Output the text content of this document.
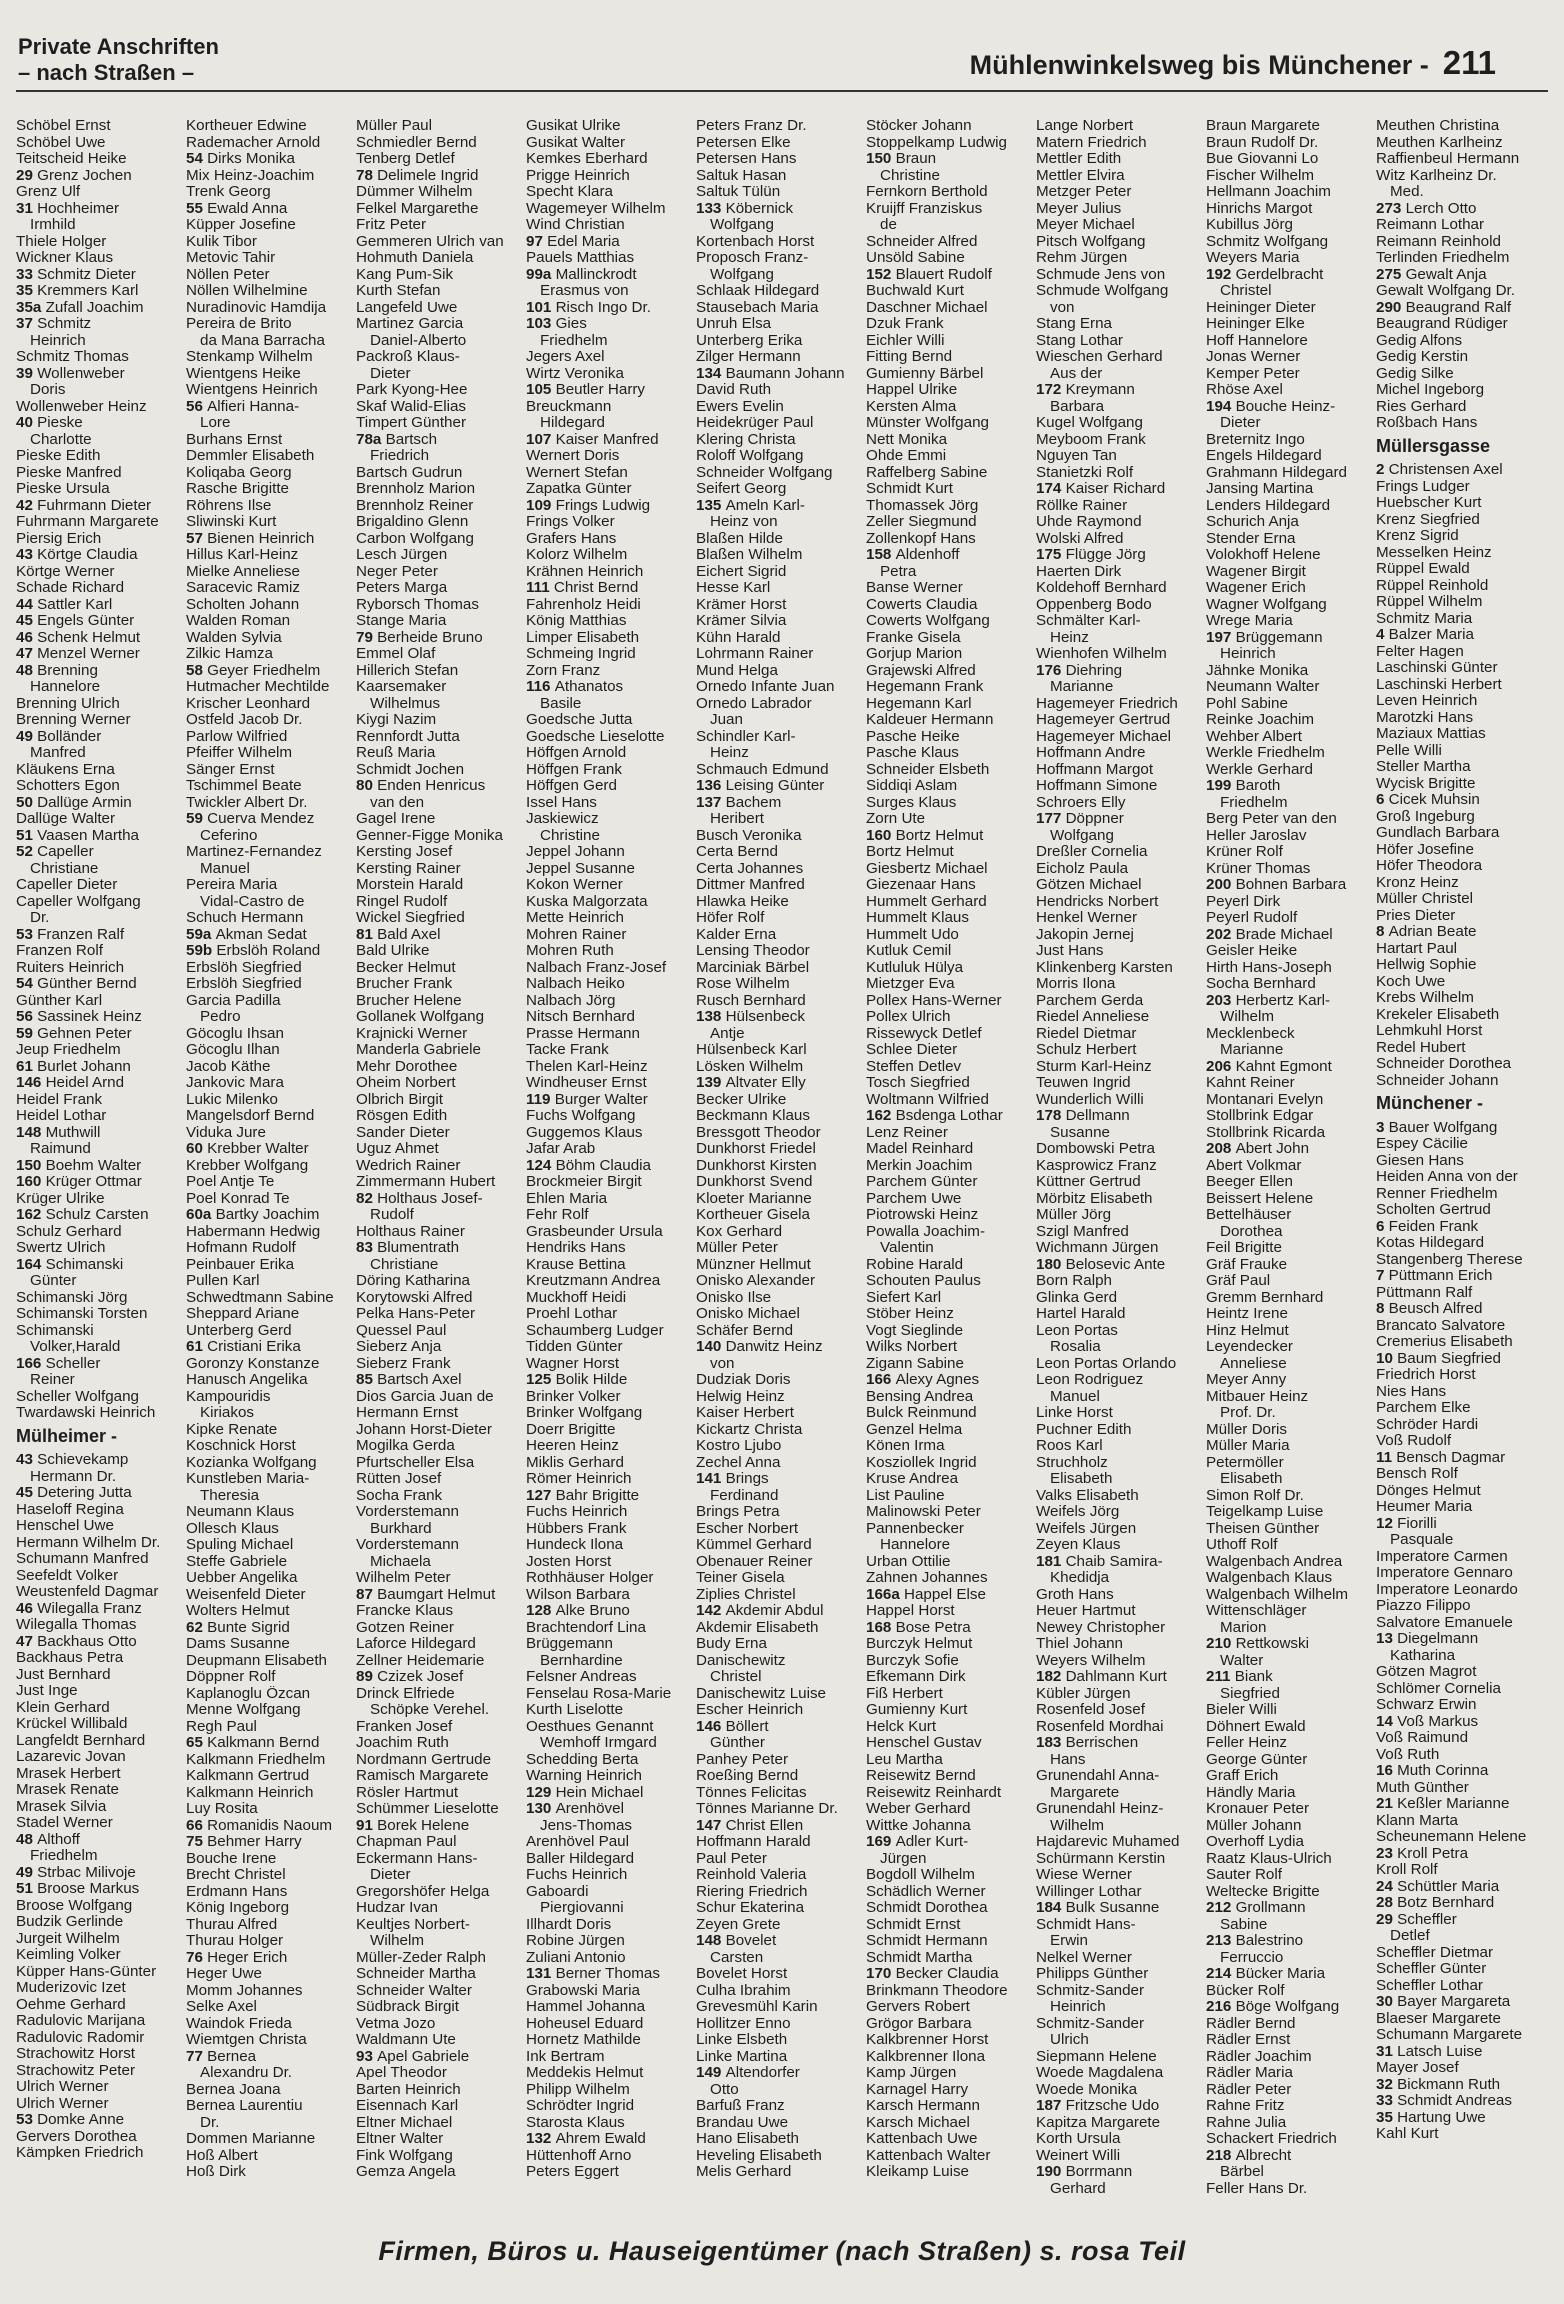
Private Anschriften
– nach Straßen –	Mühlenwinkelsweg bis Münchener - 211
Schöbel Ernst
Schöbel Uwe
Teitscheid Heike
29 Grenz Jochen
Grenz Ulf
31 Hochheimer
Irmhild
Thiele Holger
Wickner Klaus
33 Schmitz Dieter
35 Kremmers Karl
35a Zufall Joachim
37 Schmitz
Heinrich
Schmitz Thomas
39 Wollenweber
Doris
Wollenweber Heinz
40 Pieske
Charlotte
Pieske Edith
Pieske Manfred
Pieske Ursula
42 Fuhrmann Dieter
Fuhrmann Margarete
Piersig Erich
43 Körtge Claudia
Körtge Werner
Schade Richard
44 Sattler Karl
45 Engels Günter
46 Schenk Helmut
47 Menzel Werner
48 Brenning
Hannelore
Brenning Ulrich
Brenning Werner
49 Bolländer
Manfred
Kläukens Erna
Schotters Egon
50 Dallüge Armin
Dallüge Walter
51 Vaasen Martha
52 Capeller
Christiane
Capeller Dieter
Capeller Wolfgang
Dr.
53 Franzen Ralf
Franzen Rolf
Ruiters Heinrich
54 Günther Bernd
Günther Karl
56 Sassinek Heinz
59 Gehnen Peter
Jeup Friedhelm
61 Burlet Johann
146 Heidel Arnd
Heidel Frank
Heidel Lothar
148 Muthwill
Raimund
150 Boehm Walter
160 Krüger Ottmar
Krüger Ulrike
162 Schulz Carsten
Schulz Gerhard
Swertz Ulrich
164 Schimanski
Günter
Schimanski Jörg
Schimanski Torsten
Schimanski
Volker,Harald
166 Scheller
Reiner
Scheller Wolfgang
Twardawski Heinrich
Mülheimer -
43 Schievekamp
Hermann Dr.
45 Detering Jutta
Haseloff Regina
Henschel Uwe
Hermann Wilhelm Dr.
Schumann Manfred
Seefeldt Volker
Weustenfeld Dagmar
46 Wilegalla Franz
Wilegalla Thomas
47 Backhaus Otto
Backhaus Petra
Just Bernhard
Just Inge
Klein Gerhard
Krückel Willibald
Langfeldt Bernhard
Lazarevic Jovan
Mrasek Herbert
Mrasek Renate
Mrasek Silvia
Stadel Werner
48 Althoff
Friedhelm
49 Strbac Milivoje
51 Broose Markus
Broose Wolfgang
Budzik Gerlinde
Jurgeit Wilhelm
Keimling Volker
Küpper Hans-Günter
Muderizovic Izet
Oehme Gerhard
Radulovic Marijana
Radulovic Radomir
Strachowitz Horst
Strachowitz Peter
Ulrich Werner
Ulrich Werner
53 Domke Anne
Gervers Dorothea
Kämpken Friedrich
Kortheuer Edwine
Rademacher Arnold
54 Dirks Monika
Mix Heinz-Joachim
Trenk Georg
55 Ewald Anna
Küpper Josefine
Kulik Tibor
Metovic Tahir
Nöllen Peter
Nöllen Wilhelmine
Nuradinovic Hamdija
Pereira de Brito
da Mana Barracha
Stenkamp Wilhelm
Wientgens Heike
Wientgens Heinrich
56 Alfieri Hanna-
Lore
Burhans Ernst
Demmler Elisabeth
Koliqaba Georg
Rasche Brigitte
Röhrens Ilse
Sliwinski Kurt
57 Bienen Heinrich
Hillus Karl-Heinz
Mielke Anneliese
Saracevic Ramiz
Scholten Johann
Walden Roman
Walden Sylvia
Zilkic Hamza
58 Geyer Friedhelm
Hutmacher Mechtilde
Krischer Leonhard
Ostfeld Jacob Dr.
Parlow Wilfried
Pfeiffer Wilhelm
Sänger Ernst
Tschimmel Beate
Twickler Albert Dr.
59 Cuerva Mendez
Ceferino
Martinez-Fernandez
Manuel
Pereira Maria
Vidal-Castro de
Schuch Hermann
59a Akman Sedat
59b Erbslöh Roland
Erbslöh Siegfried
Erbslöh Siegfried
Garcia Padilla
Pedro
Göcoglu Ihsan
Göcoglu Ilhan
Jacob Käthe
Jankovic Mara
Lukic Milenko
Mangelsdorf Bernd
Viduka Jure
60 Krebber Walter
Krebber Wolfgang
Poel Antje Te
Poel Konrad Te
60a Bartky Joachim
Habermann Hedwig
Hofmann Rudolf
Peinbauer Erika
Pullen Karl
Schwedtmann Sabine
Sheppard Ariane
Unterberg Gerd
61 Cristiani Erika
Goronzy Konstanze
Hanusch Angelika
Kampouridis
Kiriakos
Kipke Renate
Koschnick Horst
Kozianka Wolfgang
Kunstleben Maria-
Theresia
Neumann Klaus
Ollesch Klaus
Spuling Michael
Steffe Gabriele
Uebber Angelika
Weisenfeld Dieter
Wolters Helmut
62 Bunte Sigrid
Dams Susanne
Deupmann Elisabeth
Döppner Rolf
Kaplanoglu Özcan
Menne Wolfgang
Regh Paul
65 Kalkmann Bernd
Kalkmann Friedhelm
Kalkmann Gertrud
Kalkmann Heinrich
Luy Rosita
66 Romanidis Naoum
75 Behmer Harry
Bouche Irene
Brecht Christel
Erdmann Hans
König Ingeborg
Thurau Alfred
Thurau Holger
76 Heger Erich
Heger Uwe
Momm Johannes
Selke Axel
Waindok Frieda
Wiemtgen Christa
77 Bernea
Alexandru Dr.
Bernea Joana
Bernea Laurentiu
Dr.
Dommen Marianne
Hoß Albert
Hoß Dirk
Müller Paul
Schmiedler Bernd
Tenberg Detlef
78 Delimele Ingrid
Dümmer Wilhelm
Felkel Margarethe
Fritz Peter
Gemmeren Ulrich van
Hohmuth Daniela
Kang Pum-Sik
Kurth Stefan
Langefeld Uwe
Martinez Garcia
Daniel-Alberto
Packroß Klaus-
Dieter
Park Kyong-Hee
Skaf Walid-Elias
Timpert Günther
78a Bartsch
Friedrich
Bartsch Gudrun
Brennholz Marion
Brennholz Reiner
Brigaldino Glenn
Carbon Wolfgang
Lesch Jürgen
Neger Peter
Peters Marga
Ryborsch Thomas
Stange Maria
79 Berheide Bruno
Emmel Olaf
Hillerich Stefan
Kaarsemaker
Wilhelmus
Kiygi Nazim
Rennfordt Jutta
Reuß Maria
Schmidt Jochen
80 Enden Henricus
van den
Gagel Irene
Genner-Figge Monika
Kersting Josef
Kersting Rainer
Morstein Harald
Ringel Rudolf
Wickel Siegfried
81 Bald Axel
Bald Ulrike
Becker Helmut
Brucher Frank
Brucher Helene
Gollanek Wolfgang
Krajnicki Werner
Manderla Gabriele
Mehr Dorothee
Oheim Norbert
Olbrich Birgit
Rösgen Edith
Sander Dieter
Uguz Ahmet
Wedrich Rainer
Zimmermann Hubert
82 Holthaus Josef-
Rudolf
Holthaus Rainer
83 Blumentrath
Christiane
Döring Katharina
Korytowski Alfred
Pelka Hans-Peter
Quessel Paul
Sieberz Anja
Sieberz Frank
85 Bartsch Axel
Dios Garcia Juan de
Hermann Ernst
Johann Horst-Dieter
Mogilka Gerda
Pfurtscheller Elsa
Rütten Josef
Socha Frank
Vorderstemann
Burkhard
Vorderstemann
Michaela
Wilhelm Peter
87 Baumgart Helmut
Francke Klaus
Gotzen Reiner
Laforce Hildegard
Zellner Heidemarie
89 Czizek Josef
Drinck Elfriede
Schöpke Verehel.
Franken Josef
Joachim Ruth
Nordmann Gertrude
Ramisch Margarete
Rösler Hartmut
Schümmer Lieselotte
91 Borek Helene
Chapman Paul
Eckermann Hans-
Dieter
Gregorshöfer Helga
Hudzar Ivan
Keultjes Norbert-
Wilhelm
Müller-Zeder Ralph
Schneider Martha
Schneider Walter
Südbrack Birgit
Vetma Jozo
Waldmann Ute
93 Apel Gabriele
Apel Theodor
Barten Heinrich
Eisennach Karl
Eltner Michael
Eltner Walter
Fink Wolfgang
Gemza Angela
Gusikat Ulrike
Gusikat Walter
Kemkes Eberhard
Prigge Heinrich
Specht Klara
Wagemeyer Wilhelm
Wind Christian
97 Edel Maria
Pauels Matthias
99a Mallinckrodt
Erasmus von
101 Risch Ingo Dr.
103 Gies
Friedhelm
Jegers Axel
Wirtz Veronika
105 Beutler Harry
Breuckmann
Hildegard
107 Kaiser Manfred
Wernert Doris
Wernert Stefan
Zapatka Günter
109 Frings Ludwig
Frings Volker
Grafers Hans
Kolorz Wilhelm
Krähnen Heinrich
111 Christ Bernd
Fahrenholz Heidi
König Matthias
Limper Elisabeth
Schmeing Ingrid
Zorn Franz
116 Athanatos
Basile
Goedsche Jutta
Goedsche Lieselotte
Höffgen Arnold
Höffgen Frank
Höffgen Gerd
Issel Hans
Jaskiewicz
Christine
Jeppel Johann
Jeppel Susanne
Kokon Werner
Kuska Malgorzata
Mette Heinrich
Mohren Rainer
Mohren Ruth
Nalbach Franz-Josef
Nalbach Heiko
Nalbach Jörg
Nitsch Bernhard
Prasse Hermann
Tacke Frank
Thelen Karl-Heinz
Windheuser Ernst
119 Burger Walter
Fuchs Wolfgang
Guggemos Klaus
Jafar Arab
124 Böhm Claudia
Brockmeier Birgit
Ehlen Maria
Fehr Rolf
Grasbeunder Ursula
Hendriks Hans
Krause Bettina
Kreutzmann Andrea
Muckhoff Heidi
Proehl Lothar
Schaumberg Ludger
Tidden Günter
Wagner Horst
125 Bolik Hilde
Brinker Volker
Brinker Wolfgang
Doerr Brigitte
Heeren Heinz
Miklis Gerhard
Römer Heinrich
127 Bahr Brigitte
Fuchs Heinrich
Hübbers Frank
Hundeck Ilona
Josten Horst
Rothhäuser Holger
Wilson Barbara
128 Alke Bruno
Brachtendorf Lina
Brüggemann
Bernhardine
Felsner Andreas
Fenselau Rosa-Marie
Kurth Liselotte
Oesthues Genannt
Wemhoff Irmgard
Schedding Berta
Warning Heinrich
129 Hein Michael
130 Arenhövel
Jens-Thomas
Arenhövel Paul
Baller Hildegard
Fuchs Heinrich
Gaboardi
Piergiovanni
Illhardt Doris
Robine Jürgen
Zuliani Antonio
131 Berner Thomas
Grabowski Maria
Hammel Johanna
Hoheusel Eduard
Hornetz Mathilde
Ink Bertram
Meddekis Helmut
Philipp Wilhelm
Schrödter Ingrid
Starosta Klaus
132 Ahrem Ewald
Hüttenhoff Arno
Peters Eggert
Peters Franz Dr.
Petersen Elke
Petersen Hans
Saltuk Hasan
Saltuk Tülün
133 Köbernick
Wolfgang
Kortenbach Horst
Proposch Franz-
Wolfgang
Schlaak Hildegard
Stausebach Maria
Unruh Elsa
Unterberg Erika
Zilger Hermann
134 Baumann Johann
David Ruth
Ewers Evelin
Heidekrüger Paul
Klering Christa
Roloff Wolfgang
Schneider Wolfgang
Seifert Georg
135 Ameln Karl-
Heinz von
Blaßen Hilde
Blaßen Wilhelm
Eichert Sigrid
Hesse Karl
Krämer Horst
Krämer Silvia
Kühn Harald
Lohrmann Rainer
Mund Helga
Ornedo Infante Juan
Ornedo Labrador
Juan
Schindler Karl-
Heinz
Schmauch Edmund
136 Leising Günter
137 Bachem
Heribert
Busch Veronika
Certa Bernd
Certa Johannes
Dittmer Manfred
Hlawka Heike
Höfer Rolf
Kalder Erna
Lensing Theodor
Marciniak Bärbel
Rose Wilhelm
Rusch Bernhard
138 Hülsenbeck
Antje
Hülsenbeck Karl
Lösken Wilhelm
139 Altvater Elly
Becker Ulrike
Beckmann Klaus
Bressgott Theodor
Dunkhorst Friedel
Dunkhorst Kirsten
Dunkhorst Svend
Kloeter Marianne
Kortheuer Gisela
Kox Gerhard
Müller Peter
Münzner Hellmut
Onisko Alexander
Onisko Ilse
Onisko Michael
Schäfer Bernd
140 Danwitz Heinz
von
Dudziak Doris
Helwig Heinz
Kaiser Herbert
Kickartz Christa
Kostro Ljubo
Zechel Anna
141 Brings
Ferdinand
Brings Petra
Escher Norbert
Kümmel Gerhard
Obenauer Reiner
Teiner Gisela
Ziplies Christel
142 Akdemir Abdul
Akdemir Elisabeth
Budy Erna
Danischewitz
Christel
Danischewitz Luise
Escher Heinrich
146 Böllert
Günther
Panhey Peter
Roeßing Bernd
Tönnes Felicitas
Tönnes Marianne Dr.
147 Christ Ellen
Hoffmann Harald
Paul Peter
Reinhold Valeria
Riering Friedrich
Schur Ekaterina
Zeyen Grete
148 Bovelet
Carsten
Bovelet Horst
Culha Ibrahim
Grevesmühl Karin
Hollitzer Enno
Linke Elsbeth
Linke Martina
149 Altendorfer
Otto
Barfuß Franz
Brandau Uwe
Hano Elisabeth
Heveling Elisabeth
Melis Gerhard
Stöcker Johann
Stoppelkamp Ludwig
150 Braun
Christine
Fernkorn Berthold
Kruijff Franziskus
de
Schneider Alfred
Unsöld Sabine
152 Blauert Rudolf
Buchwald Kurt
Daschner Michael
Dzuk Frank
Eichler Willi
Fitting Bernd
Gumienny Bärbel
Happel Ulrike
Kersten Alma
Münster Wolfgang
Nett Monika
Ohde Emmi
Raffelberg Sabine
Schmidt Kurt
Thomassek Jörg
Zeller Siegmund
Zollenkopf Hans
158 Aldenhoff
Petra
Banse Werner
Cowerts Claudia
Cowerts Wolfgang
Franke Gisela
Gorjup Marion
Grajewski Alfred
Hegemann Frank
Hegemann Karl
Kaldeuer Hermann
Pasche Heike
Pasche Klaus
Schneider Elsbeth
Siddiqi Aslam
Surges Klaus
Zorn Ute
160 Bortz Helmut
Bortz Helmut
Giesbertz Michael
Giezenaar Hans
Hummelt Gerhard
Hummelt Klaus
Hummelt Udo
Kutluk Cemil
Kutluluk Hülya
Mietzger Eva
Pollex Hans-Werner
Pollex Ulrich
Rissewyck Detlef
Schlee Dieter
Steffen Detlev
Tosch Siegfried
Woltmann Wilfried
162 Bsdenga Lothar
Lenz Reiner
Madel Reinhard
Merkin Joachim
Parchem Günter
Parchem Uwe
Piotrowski Heinz
Powalla Joachim-
Valentin
Robine Harald
Schouten Paulus
Siefert Karl
Stöber Heinz
Vogt Sieglinde
Wilks Norbert
Zigann Sabine
166 Alexy Agnes
Bensing Andrea
Bulck Reinmund
Genzel Helma
Könen Irma
Kosziollek Ingrid
Kruse Andrea
List Pauline
Malinowski Peter
Pannenbecker
Hannelore
Urban Ottilie
Zahnen Johannes
166a Happel Else
Happel Horst
168 Bose Petra
Burczyk Helmut
Burczyk Sofie
Efkemann Dirk
Fiß Herbert
Gumienny Kurt
Helck Kurt
Henschel Gustav
Leu Martha
Reisewitz Bernd
Reisewitz Reinhardt
Weber Gerhard
Wittke Johanna
169 Adler Kurt-
Jürgen
Bogdoll Wilhelm
Schädlich Werner
Schmidt Dorothea
Schmidt Ernst
Schmidt Hermann
Schmidt Martha
170 Becker Claudia
Brinkmann Theodore
Gervers Robert
Grögor Barbara
Kalkbrenner Horst
Kalkbrenner Ilona
Kamp Jürgen
Karnagel Harry
Karsch Hermann
Karsch Michael
Kattenbach Uwe
Kattenbach Walter
Kleikamp Luise
Lange Norbert
Matern Friedrich
Mettler Edith
Mettler Elvira
Metzger Peter
Meyer Julius
Meyer Michael
Pitsch Wolfgang
Rehm Jürgen
Schmude Jens von
Schmude Wolfgang
von
Stang Erna
Stang Lothar
Wieschen Gerhard
Aus der
172 Kreymann
Barbara
Kugel Wolfgang
Meyboom Frank
Nguyen Tan
Stanietzki Rolf
174 Kaiser Richard
Röllke Rainer
Uhde Raymond
Wolski Alfred
175 Flügge Jörg
Haerten Dirk
Koldehoff Bernhard
Oppenberg Bodo
Schmälter Karl-
Heinz
Wienhofen Wilhelm
176 Diehring
Marianne
Hagemeyer Friedrich
Hagemeyer Gertrud
Hagemeyer Michael
Hoffmann Andre
Hoffmann Margot
Hoffmann Simone
Schroers Elly
177 Döppner
Wolfgang
Dreßler Cornelia
Eicholz Paula
Götzen Michael
Hendricks Norbert
Henkel Werner
Jakopin Jernej
Just Hans
Klinkenberg Karsten
Morris Ilona
Parchem Gerda
Riedel Anneliese
Riedel Dietmar
Schulz Herbert
Sturm Karl-Heinz
Teuwen Ingrid
Wunderlich Willi
178 Dellmann
Susanne
Dombowski Petra
Kasprowicz Franz
Küttner Gertrud
Mörbitz Elisabeth
Müller Jörg
Szigl Manfred
Wichmann Jürgen
180 Belosevic Ante
Born Ralph
Glinka Gerd
Hartel Harald
Leon Portas
Rosalia
Leon Portas Orlando
Leon Rodriguez
Manuel
Linke Horst
Puchner Edith
Roos Karl
Struchholz
Elisabeth
Valks Elisabeth
Weifels Jörg
Weifels Jürgen
Zeyen Klaus
181 Chaib Samira-
Khedidja
Groth Hans
Heuer Hartmut
Newey Christopher
Thiel Johann
Weyers Wilhelm
182 Dahlmann Kurt
Kübler Jürgen
Rosenfeld Josef
Rosenfeld Mordhai
183 Berrischen
Hans
Grunendahl Anna-
Margarete
Grunendahl Heinz-
Wilhelm
Hajdarevic Muhamed
Schürmann Kerstin
Wiese Werner
Willinger Lothar
184 Bulk Susanne
Schmidt Hans-
Erwin
Nelkel Werner
Philipps Günther
Schmitz-Sander
Heinrich
Schmitz-Sander
Ulrich
Siepmann Helene
Woede Magdalena
Woede Monika
187 Fritzsche Udo
Kapitza Margarete
Korth Ursula
Weinert Willi
190 Borrmann
Gerhard
Braun Margarete
Braun Rudolf Dr.
Bue Giovanni Lo
Fischer Wilhelm
Hellmann Joachim
Hinrichs Margot
Kubillus Jörg
Schmitz Wolfgang
Weyers Maria
192 Gerdelbracht
Christel
Heininger Dieter
Heininger Elke
Hoff Hannelore
Jonas Werner
Kemper Peter
Rhöse Axel
194 Bouche Heinz-
Dieter
Breternitz Ingo
Engels Hildegard
Grahmann Hildegard
Jansing Martina
Lenders Hildegard
Schurich Anja
Stender Erna
Volokhoff Helene
Wagener Birgit
Wagener Erich
Wagner Wolfgang
Wrege Maria
197 Brüggemann
Heinrich
Jähnke Monika
Neumann Walter
Pohl Sabine
Reinke Joachim
Wehber Albert
Werkle Friedhelm
Werkle Gerhard
199 Baroth
Friedhelm
Berg Peter van den
Heller Jaroslav
Krüner Rolf
Krüner Thomas
200 Bohnen Barbara
Peyerl Dirk
Peyerl Rudolf
202 Brade Michael
Geisler Heike
Hirth Hans-Joseph
Socha Bernhard
203 Herbertz Karl-
Wilhelm
Mecklenbeck
Marianne
206 Kahnt Egmont
Kahnt Reiner
Montanari Evelyn
Stollbrink Edgar
Stollbrink Ricarda
208 Abert John
Abert Volkmar
Beeger Ellen
Beissert Helene
Bettelhäuser
Dorothea
Feil Brigitte
Gräf Frauke
Gräf Paul
Gremm Bernhard
Heintz Irene
Hinz Helmut
Leyendecker
Anneliese
Meyer Anny
Mitbauer Heinz
Prof. Dr.
Müller Doris
Müller Maria
Petermöller
Elisabeth
Simon Rolf Dr.
Teigelkamp Luise
Theisen Günther
Uthoff Rolf
Walgenbach Andrea
Walgenbach Klaus
Walgenbach Wilhelm
Wittenschläger
Marion
210 Rettkowski
Walter
211 Biank
Siegfried
Bieler Willi
Döhnert Ewald
Feller Heinz
George Günter
Graff Erich
Händly Maria
Kronauer Peter
Müller Johann
Overhoff Lydia
Raatz Klaus-Ulrich
Sauter Rolf
Weltecke Brigitte
212 Grollmann
Sabine
213 Balestrino
Ferruccio
214 Bücker Maria
Bücker Rolf
216 Böge Wolfgang
Rädler Bernd
Rädler Ernst
Rädler Joachim
Rädler Maria
Rädler Peter
Rahne Fritz
Rahne Julia
Schackert Friedrich
218 Albrecht
Bärbel
Feller Hans Dr.
Meuthen Christina
Meuthen Karlheinz
Raffienbeul Hermann
Witz Karlheinz Dr.
Med.
273 Lerch Otto
Reimann Lothar
Reimann Reinhold
Terlinden Friedhelm
275 Gewalt Anja
Gewalt Wolfgang Dr.
290 Beaugrand Ralf
Beaugrand Rüdiger
Gedig Alfons
Gedig Kerstin
Gedig Silke
Michel Ingeborg
Ries Gerhard
Roßbach Hans
Müllersgasse
2 Christensen Axel
Frings Ludger
Huebscher Kurt
Krenz Siegfried
Krenz Sigrid
Messelken Heinz
Rüppel Ewald
Rüppel Reinhold
Rüppel Wilhelm
Schmitz Maria
4 Balzer Maria
Felter Hagen
Laschinski Günter
Laschinski Herbert
Leven Heinrich
Marotzki Hans
Maziaux Mattias
Pelle Willi
Steller Martha
Wycisk Brigitte
6 Cicek Muhsin
Groß Ingeburg
Gundlach Barbara
Höfer Josefine
Höfer Theodora
Kronz Heinz
Müller Christel
Pries Dieter
8 Adrian Beate
Hartart Paul
Hellwig Sophie
Koch Uwe
Krebs Wilhelm
Krekeler Elisabeth
Lehmkuhl Horst
Redel Hubert
Schneider Dorothea
Schneider Johann
Münchener -
3 Bauer Wolfgang
Espey Cäcilie
Giesen Hans
Heiden Anna von der
Renner Friedhelm
Scholten Gertrud
6 Feiden Frank
Kotas Hildegard
Stangenberg Therese
7 Püttmann Erich
Püttmann Ralf
8 Beusch Alfred
Brancato Salvatore
Cremerius Elisabeth
10 Baum Siegfried
Friedrich Horst
Nies Hans
Parchem Elke
Schröder Hardi
Voß Rudolf
11 Bensch Dagmar
Bensch Rolf
Dönges Helmut
Heumer Maria
12 Fiorilli
Pasquale
Imperatore Carmen
Imperatore Gennaro
Imperatore Leonardo
Piazzo Filippo
Salvatore Emanuele
13 Diegelmann
Katharina
Götzen Magrot
Schlömer Cornelia
Schwarz Erwin
14 Voß Markus
Voß Raimund
Voß Ruth
16 Muth Corinna
Muth Günther
21 Keßler Marianne
Klann Marta
Scheunemann Helene
23 Kroll Petra
Kroll Rolf
24 Schüttler Maria
28 Botz Bernhard
29 Scheffler
Detlef
Scheffler Dietmar
Scheffler Günter
Scheffler Lothar
30 Bayer Margareta
Blaeser Margarete
Schumann Margarete
31 Latsch Luise
Mayer Josef
32 Bickmann Ruth
33 Schmidt Andreas
35 Hartung Uwe
Kahl Kurt
Firmen, Büros u. Hauseigentümer (nach Straßen) s. rosa Teil
